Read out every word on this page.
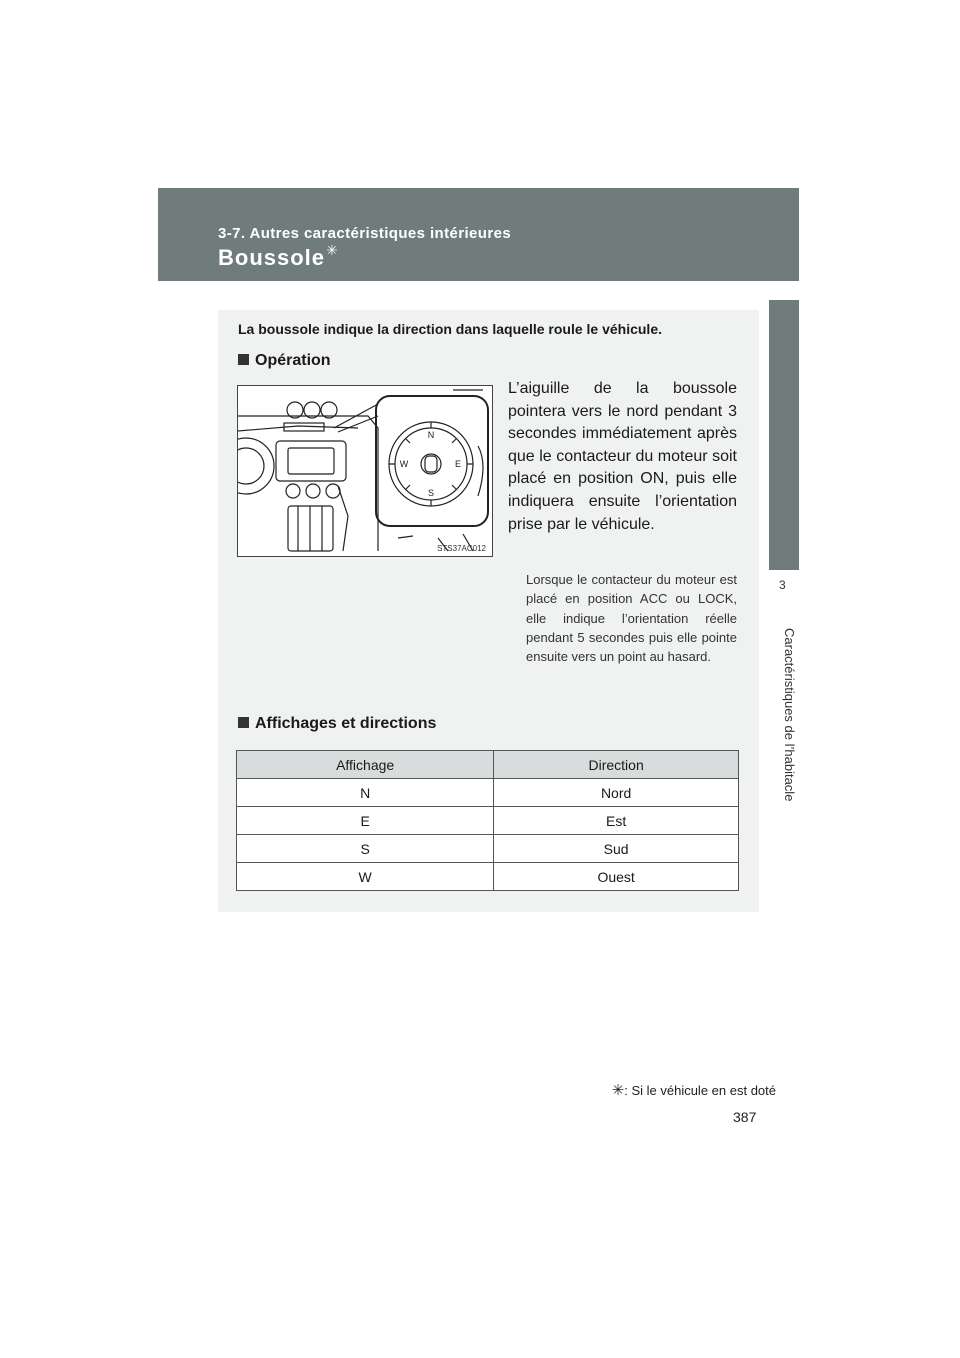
3-7. Autres caractéristiques intérieures
Boussole✳
3
Caractéristiques de l’habitacle
La boussole indique la direction dans laquelle roule le véhicule.
Opération
N
E
S
W
STS37AC012
L’aiguille de la boussole pointera vers le nord pendant 3 secondes immédiatement après que le contacteur du moteur soit placé en position ON, puis elle indiquera ensuite l’orientation prise par le véhicule.
Lorsque le contacteur du moteur est placé en position ACC ou LOCK, elle indique l’orientation réelle pendant 5 secondes puis elle pointe ensuite vers un point au hasard.
Affichages et directions
Affichage	Direction
N	Nord
E	Est
S	Sud
W	Ouest
✳: Si le véhicule en est doté
387
